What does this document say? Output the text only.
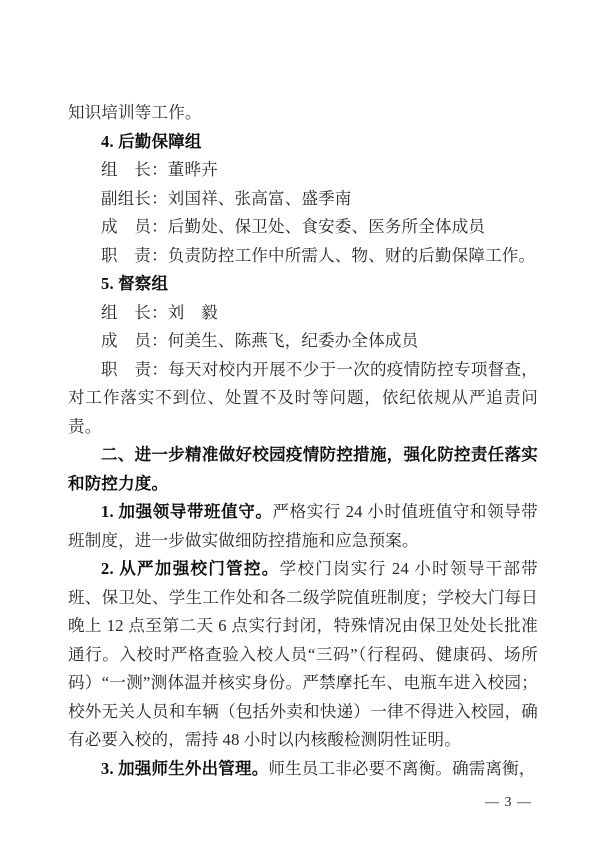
知识培训等工作。

4. 后勤保障组

组　长：董晔卉

副组长：刘国祥、张高富、盛季南

成　员：后勤处、保卫处、食安委、医务所全体成员

职　责：负责防控工作中所需人、物、财的后勤保障工作。

5. 督察组

组　长：刘　毅

成　员：何美生、陈燕飞，纪委办全体成员

职　责：每天对校内开展不少于一次的疫情防控专项督查，对工作落实不到位、处置不及时等问题，依纪依规从严追责问责。

二、进一步精准做好校园疫情防控措施，强化防控责任落实和防控力度。

1. 加强领导带班值守。严格实行 24 小时值班值守和领导带班制度，进一步做实做细防控措施和应急预案。

2. 从严加强校门管控。学校门岗实行 24 小时领导干部带班、保卫处、学生工作处和各二级学院值班制度；学校大门每日晚上 12 点至第二天 6 点实行封闭，特殊情况由保卫处处长批准通行。入校时严格查验入校人员“三码”（行程码、健康码、场所码）“一测”测体温并核实身份。严禁摩托车、电瓶车进入校园；校外无关人员和车辆（包括外卖和快递）一律不得进入校园，确有必要入校的，需持 48 小时以内核酸检测阴性证明。

3. 加强师生外出管理。师生员工非必要不离衡。确需离衡，

— 3 —
